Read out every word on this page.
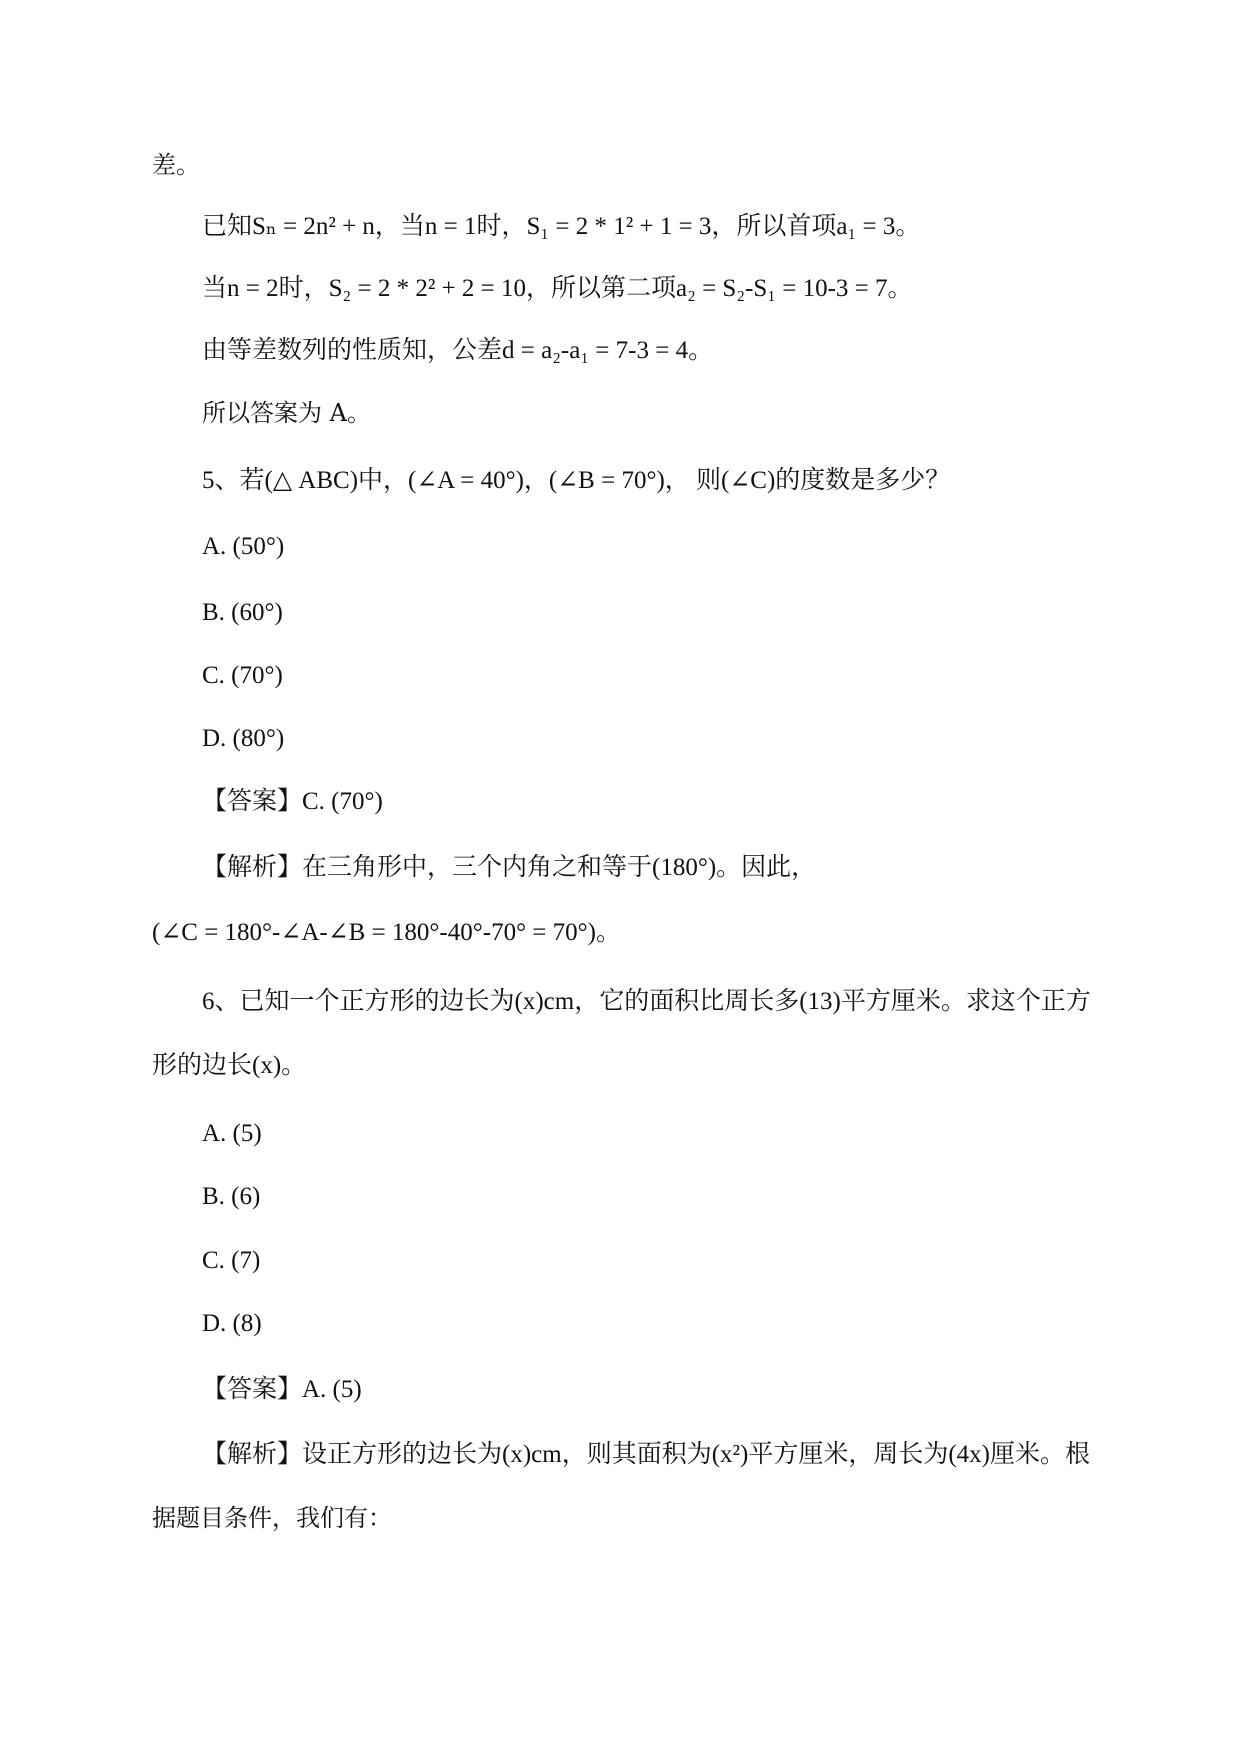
差。
已知Sₙ = 2n² + n，当n = 1时，S₁ = 2 * 1² + 1 = 3，所以首项a₁ = 3。
当n = 2时，S₂ = 2 * 2² + 2 = 10，所以第二项a₂ = S₂-S₁ = 10-3 = 7。
由等差数列的性质知，公差d = a₂-a₁ = 7-3 = 4。
所以答案为 A。
5、若(△ ABC)中，(∠A = 40°)，(∠B = 70°)， 则(∠C)的度数是多少？
A. (50°)
B. (60°)
C. (70°)
D. (80°)
【答案】C. (70°)
【解析】在三角形中，三个内角之和等于(180°)。因此，
(∠C = 180°-∠A-∠B = 180°-40°-70° = 70°)。
6、已知一个正方形的边长为(x)cm，它的面积比周长多(13)平方厘米。求这个正方
形的边长(x)。
A. (5)
B. (6)
C. (7)
D. (8)
【答案】A. (5)
【解析】设正方形的边长为(x)cm，则其面积为(x²)平方厘米，周长为(4x)厘米。根
据题目条件，我们有：
